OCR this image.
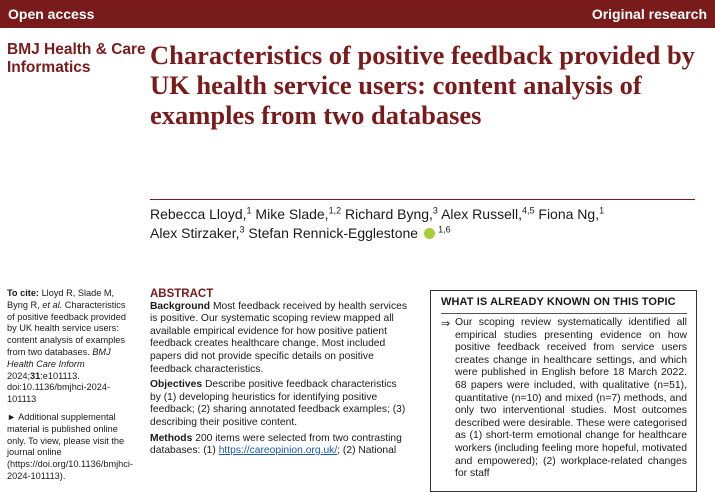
Open access	Original research
BMJ Health & Care Informatics	Characteristics of positive feedback provided by UK health service users: content analysis of examples from two databases
Rebecca Lloyd,$^1$ Mike Slade,$^{1,2}$ Richard Byng,$^3$ Alex Russell,$^{4,5}$ Fiona Ng,$^1$
Alex Stirzaker,$^3$ Stefan Rennick-Egglestone $^{1,6}$

To cite: Lloyd R, Slade M, Byng R, et al. Characteristics of positive feedback provided by UK health service users: content analysis of examples from two databases. BMJ Health Care Inform 2024;31:e101113. doi:10.1136/bmjhci-2024-101113

► Additional supplemental material is published online only. To view, please visit the journal online (https://doi.org/10.1136/bmjhci-2024-101113).

ABSTRACT

Background Most feedback received by health services is positive. Our systematic scoping review mapped all available empirical evidence for how positive patient feedback creates healthcare change. Most included papers did not provide specific details on positive feedback characteristics.

Objectives Describe positive feedback characteristics by (1) developing heuristics for identifying positive feedback; (2) sharing annotated feedback examples; (3) describing their positive content.

Methods 200 items were selected from two contrasting databases: (1) https://careopinion.org.uk/; (2) National

WHAT IS ALREADY KNOWN ON THIS TOPIC
⇒ Our scoping review systematically identified all empirical studies presenting evidence on how positive feedback received from service users creates change in healthcare settings, and which were published in English before 18 March 2022. 68 papers were included, with qualitative (n=51), quantitative (n=10) and mixed (n=7) methods, and only two interventional studies. Most outcomes described were desirable. These were categorised as (1) short-term emotional change for healthcare workers (including feeling more hopeful, motivated and empowered); (2) workplace-related changes for staff
